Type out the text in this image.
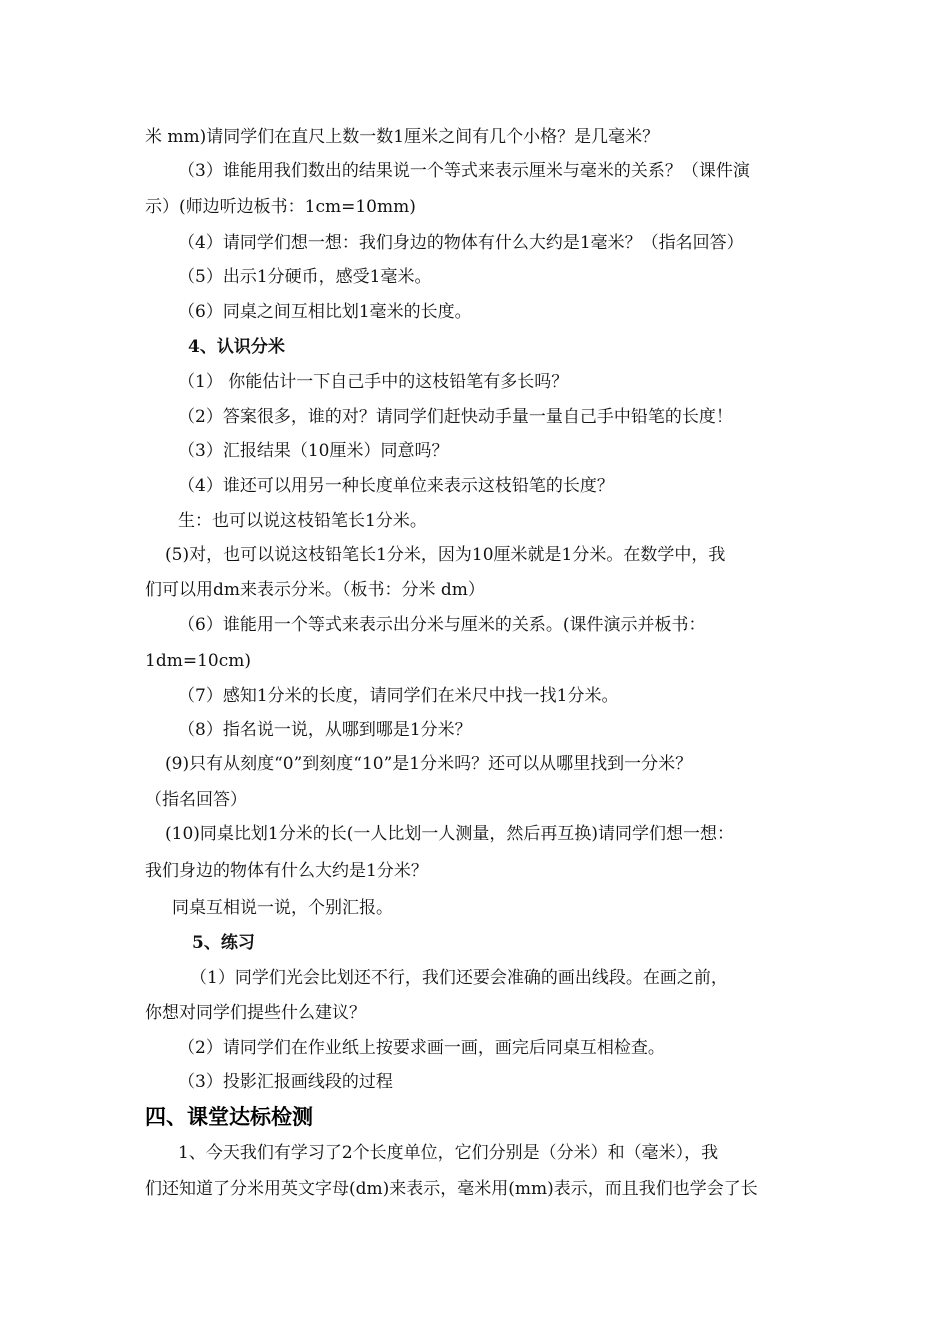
米 mm)请同学们在直尺上数一数1厘米之间有几个小格？是几毫米？

（3）谁能用我们数出的结果说一个等式来表示厘米与毫米的关系？（课件演

示）(师边听边板书：1cm=10mm)

（4）请同学们想一想：我们身边的物体有什么大约是1毫米？（指名回答）

（5）出示1分硬币，感受1毫米。

（6）同桌之间互相比划1毫米的长度。

4、认识分米

（1） 你能估计一下自己手中的这枝铅笔有多长吗？

（2）答案很多，谁的对？请同学们赶快动手量一量自己手中铅笔的长度！

（3）汇报结果（10厘米）同意吗？

（4）谁还可以用另一种长度单位来表示这枝铅笔的长度？

生：也可以说这枝铅笔长1分米。

(5)对，也可以说这枝铅笔长1分米，因为10厘米就是1分米。在数学中，我

们可以用dm来表示分米。（板书：分米 dm）

（6）谁能用一个等式来表示出分米与厘米的关系。(课件演示并板书：

1dm=10cm)

（7）感知1分米的长度，请同学们在米尺中找一找1分米。

（8）指名说一说，从哪到哪是1分米？

(9)只有从刻度“0”到刻度“10”是1分米吗？还可以从哪里找到一分米？

（指名回答）

(10)同桌比划1分米的长(一人比划一人测量，然后再互换)请同学们想一想：

我们身边的物体有什么大约是1分米？

同桌互相说一说，个别汇报。

5、练习

（1）同学们光会比划还不行，我们还要会准确的画出线段。在画之前，

你想对同学们提些什么建议？

（2）请同学们在作业纸上按要求画一画，画完后同桌互相检查。

（3）投影汇报画线段的过程

四、课堂达标检测

1、今天我们有学习了2个长度单位，它们分别是（分米）和（毫米），我

们还知道了分米用英文字母(dm)来表示，毫米用(mm)表示，而且我们也学会了长
